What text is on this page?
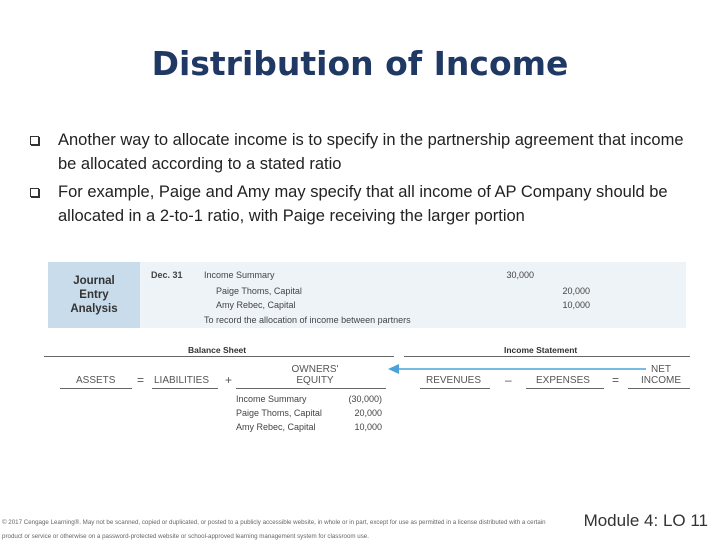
Distribution of Income
Another way to allocate income is to specify in the partnership agreement that income be allocated according to a stated ratio
For example, Paige and Amy may specify that all income of AP Company should be allocated in a 2-to-1 ratio, with Paige receiving the larger portion
Journal
Entry
Analysis
Dec. 31 Income Summary	30,000
Paige Thoms, Capital	20,000
Amy Rebec, Capital	10,000
To record the allocation of income between partners
Balance Sheet	Income Statement
ASSETS = LIABILITIES +
OWNERS' EQUITY	REVENUES – EXPENSES =
NET INCOME
Income Summary	(30,000)
Paige Thoms, Capital	20,000
Amy Rebec, Capital	10,000
© 2017 Cengage Learning®. May not be scanned, copied or duplicated, or posted to a publicly accessible website, in whole or in part, except for use as permitted in a license distributed with a certain product or service or otherwise on a password-protected website or school-approved learning management system for classroom use.
Module 4: LO 11
